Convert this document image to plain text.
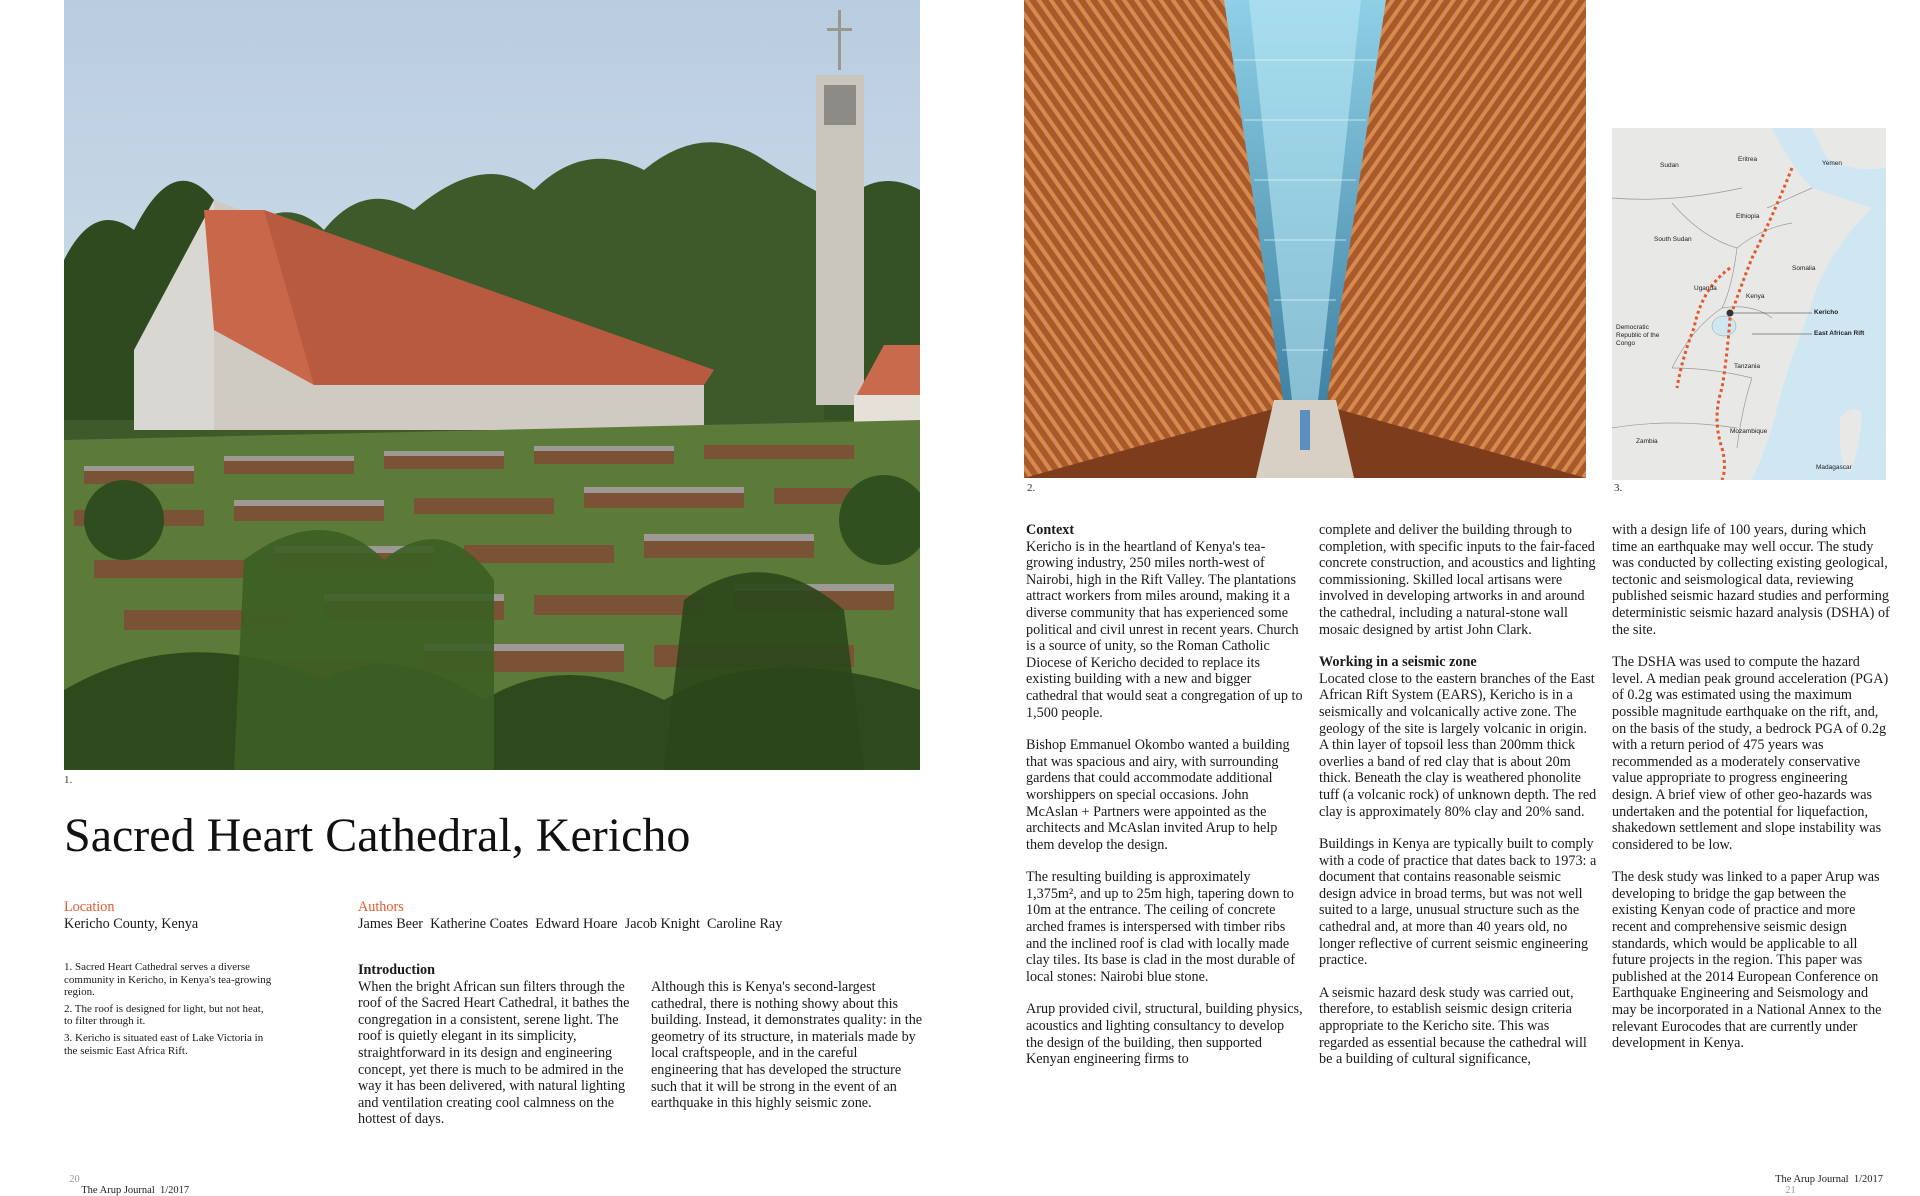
1.
Sacred Heart Cathedral, Kericho
Location
Kericho County, Kenya
Authors
James Beer  Katherine Coates  Edward Hoare  Jacob Knight  Caroline Ray

1. Sacred Heart Cathedral serves a diverse community in Kericho, in Kenya's tea-growing region.

2. The roof is designed for light, but not heat, to filter through it.

3. Kericho is situated east of Lake Victoria in the seismic East Africa Rift.

Introduction

When the bright African sun filters through the roof of the Sacred Heart Cathedral, it bathes the congregation in a consistent, serene light. The roof is quietly elegant in its simplicity, straightforward in its design and engineering concept, yet there is much to be admired in the way it has been delivered, with natural lighting and ventilation creating cool calmness on the hottest of days.

Although this is Kenya's second-largest cathedral, there is nothing showy about this building. Instead, it demonstrates quality: in the geometry of its structure, in materials made by local craftspeople, and in the careful engineering that has developed the structure such that it will be strong in the event of an earthquake in this highly seismic zone.

2.
Sudan
Eritrea
Yemen
Ethiopia
South Sudan
Somalia
Uganda
Kenya
Kericho
East African Rift
Democratic Republic of the Congo
Tanzania
Zambia
Mozambique
Madagascar
3.
Context

Kericho is in the heartland of Kenya's tea-growing industry, 250 miles north-west of Nairobi, high in the Rift Valley. The plantations attract workers from miles around, making it a diverse community that has experienced some political and civil unrest in recent years. Church is a source of unity, so the Roman Catholic Diocese of Kericho decided to replace its existing building with a new and bigger cathedral that would seat a congregation of up to 1,500 people.

Bishop Emmanuel Okombo wanted a building that was spacious and airy, with surrounding gardens that could accommodate additional worshippers on special occasions. John McAslan + Partners were appointed as the architects and McAslan invited Arup to help them develop the design.

The resulting building is approximately 1,375m², and up to 25m high, tapering down to 10m at the entrance. The ceiling of concrete arched frames is interspersed with timber ribs and the inclined roof is clad with locally made clay tiles. Its base is clad in the most durable of local stones: Nairobi blue stone.

Arup provided civil, structural, building physics, acoustics and lighting consultancy to develop the design of the building, then supported Kenyan engineering firms to

complete and deliver the building through to completion, with specific inputs to the fair-faced concrete construction, and acoustics and lighting commissioning. Skilled local artisans were involved in developing artworks in and around the cathedral, including a natural-stone wall mosaic designed by artist John Clark.

Working in a seismic zone

Located close to the eastern branches of the East African Rift System (EARS), Kericho is in a seismically and volcanically active zone. The geology of the site is largely volcanic in origin. A thin layer of topsoil less than 200mm thick overlies a band of red clay that is about 20m thick. Beneath the clay is weathered phonolite tuff (a volcanic rock) of unknown depth. The red clay is approximately 80% clay and 20% sand.

Buildings in Kenya are typically built to comply with a code of practice that dates back to 1973: a document that contains reasonable seismic design advice in broad terms, but was not well suited to a large, unusual structure such as the cathedral and, at more than 40 years old, no longer reflective of current seismic engineering practice.

A seismic hazard desk study was carried out, therefore, to establish seismic design criteria appropriate to the Kericho site. This was regarded as essential because the cathedral will be a building of cultural significance,

with a design life of 100 years, during which time an earthquake may well occur. The study was conducted by collecting existing geological, tectonic and seismological data, reviewing published seismic hazard studies and performing deterministic seismic hazard analysis (DSHA) of the site.

The DSHA was used to compute the hazard level. A median peak ground acceleration (PGA) of 0.2g was estimated using the maximum possible magnitude earthquake on the rift, and, on the basis of the study, a bedrock PGA of 0.2g with a return period of 475 years was recommended as a moderately conservative value appropriate to progress engineering design. A brief view of other geo-hazards was undertaken and the potential for liquefaction, shakedown settlement and slope instability was considered to be low.

The desk study was linked to a paper Arup was developing to bridge the gap between the existing Kenyan code of practice and more recent and comprehensive seismic design standards, which would be applicable to all future projects in the region. This paper was published at the 2014 European Conference on Earthquake Engineering and Seismology and may be incorporated in a National Annex to the relevant Eurocodes that are currently under development in Kenya.

20
The Arup Journal  1/2017

The Arup Journal  1/2017
21
